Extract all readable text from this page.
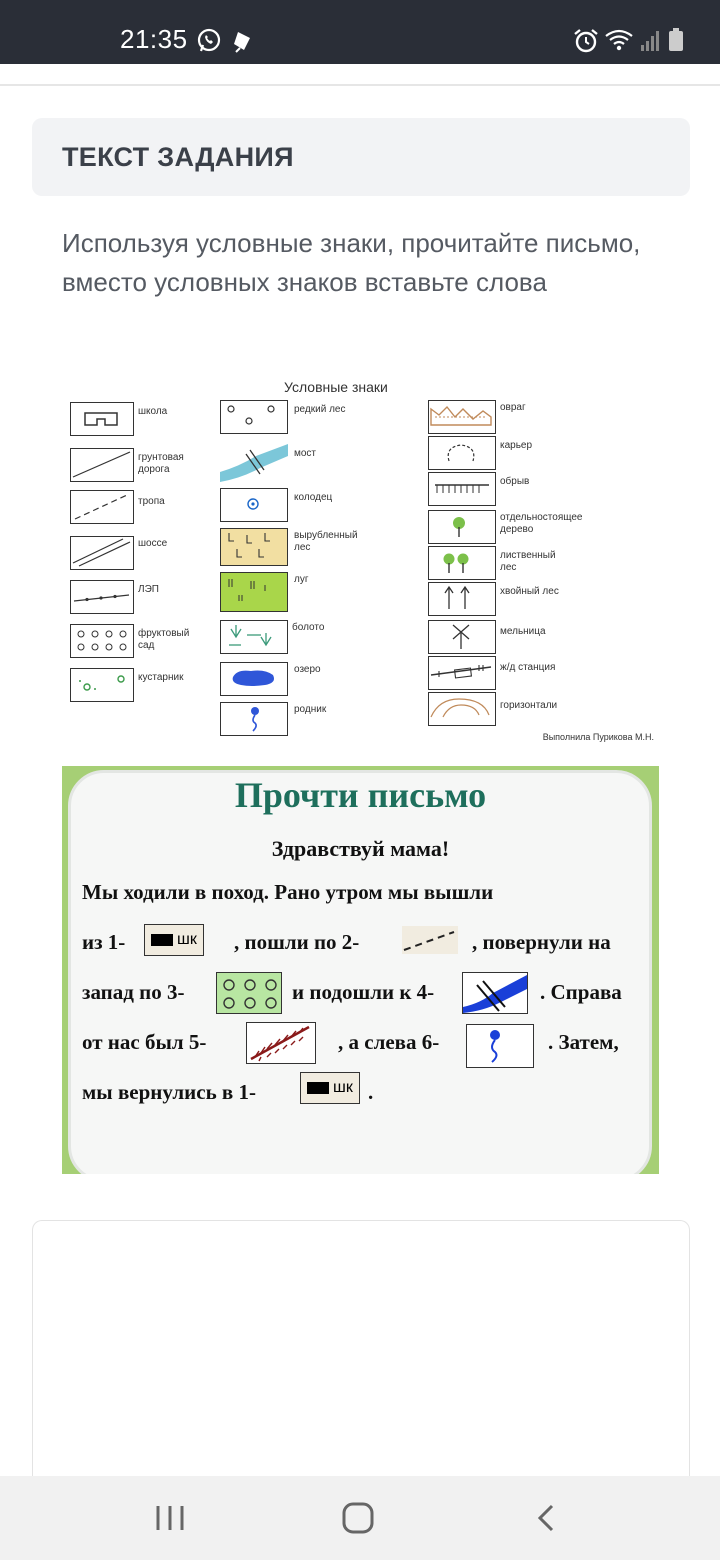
21:35
ТЕКСТ ЗАДАНИЯ
Используя условные знаки, прочитайте письмо, вместо условных знаков вставьте слова
Условные знаки
школа
грунтовая дорога
тропа
шоссе
ЛЭП
фруктовый сад
кустарник
редкий лес
мост
колодец
вырубленный лес
луг
болото
озеро
родник
овраг
карьер
обрыв
отдельностоящее дерево
лиственный лес
хвойный лес
мельница
ж/д станция
горизонтали
Выполнила Пурикова М.Н.
Прочти письмо
Здравствуй мама!
Мы ходили в поход. Рано утром мы вышли
из 1-	шк , пошли по 2-	, повернули на
запад по 3-	и подошли к 4-	. Справа
от нас был 5-	, а слева 6-	. Затем,
мы вернулись в 1-	шк .
